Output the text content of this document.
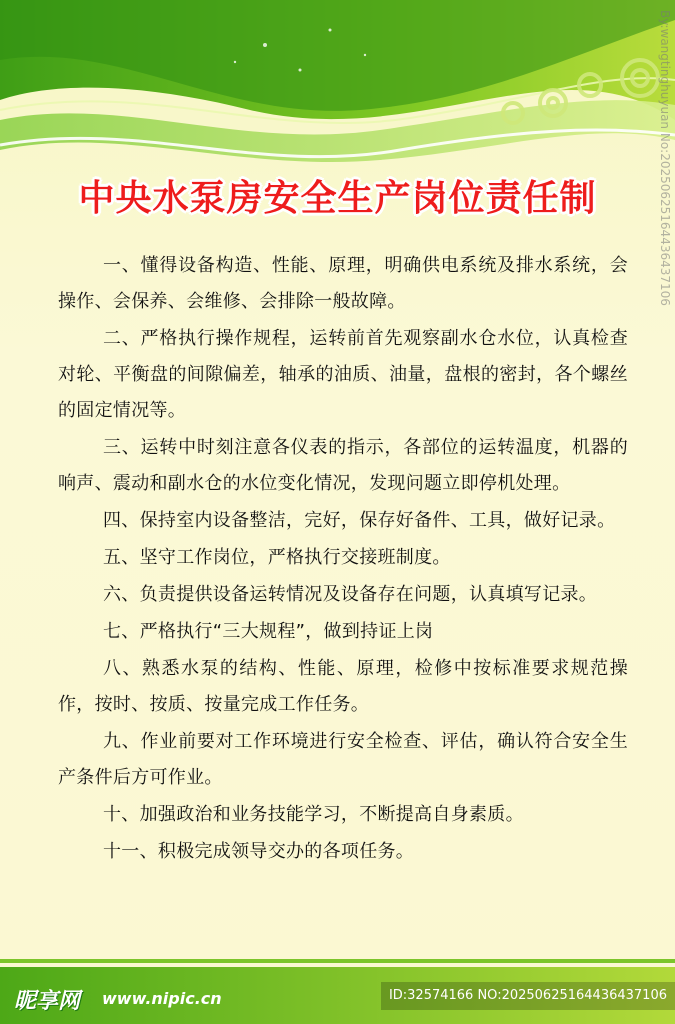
中央水泵房安全生产岗位责任制

一、懂得设备构造、性能、原理，明确供电系统及排水系统，会操作、会保养、会维修、会排除一般故障。

二、严格执行操作规程，运转前首先观察副水仓水位，认真检查对轮、平衡盘的间隙偏差，轴承的油质、油量，盘根的密封，各个螺丝的固定情况等。

三、运转中时刻注意各仪表的指示，各部位的运转温度，机器的响声、震动和副水仓的水位变化情况，发现问题立即停机处理。

四、保持室内设备整洁，完好，保存好备件、工具，做好记录。

五、坚守工作岗位，严格执行交接班制度。

六、负责提供设备运转情况及设备存在问题，认真填写记录。

七、严格执行“三大规程”，做到持证上岗

八、熟悉水泵的结构、性能、原理，检修中按标准要求规范操作，按时、按质、按量完成工作任务。

九、作业前要对工作环境进行安全检查、评估，确认符合安全生产条件后方可作业。

十、加强政治和业务技能学习，不断提高自身素质。

十一、积极完成领导交办的各项任务。

昵享网 www.nipic.cn	ID:32574166 NO:20250625164436437106
By:wangtinghuyuan No:20250625164436437106
